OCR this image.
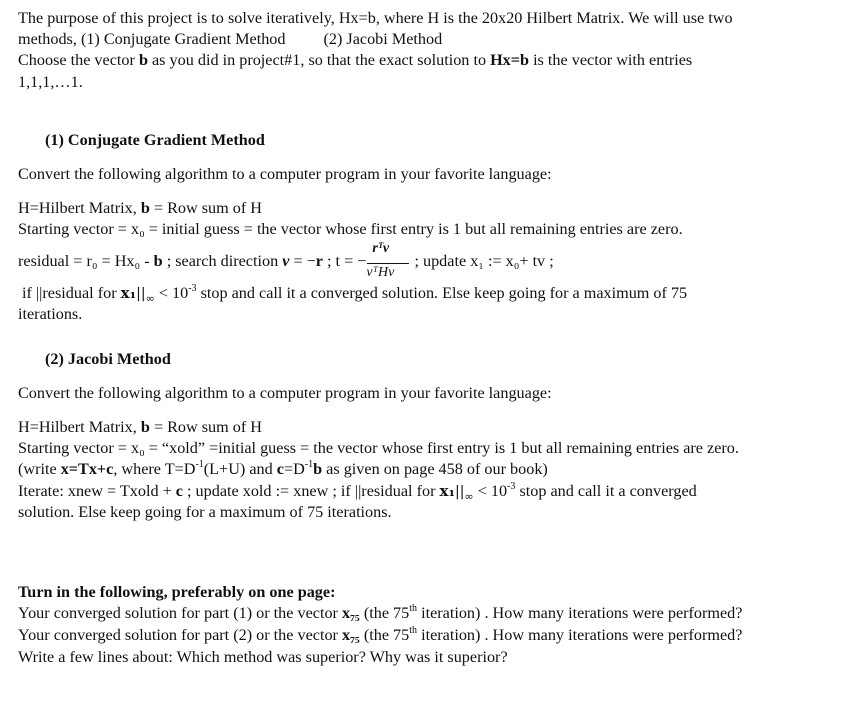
The purpose of this project is to solve iteratively, Hx=b, where H is the 20x20 Hilbert Matrix. We will use two
methods, (1) Conjugate Gradient Method (2) Jacobi Method
Choose the vector b as you did in project#1, so that the exact solution to Hx=b is the vector with entries
1,1,1,…1.
(1) Conjugate Gradient Method
Convert the following algorithm to a computer program in your favorite language:
H=Hilbert Matrix, b = Row sum of H
Starting vector = x₀ = initial guess = the vector whose first entry is 1 but all remaining entries are zero.
residual = r₀ = Hx₀ - b ; search direction v = −r ; t = − $\frac{\text{rᵀv}}{\text{vᵀHv}}$ ; update x₁ := x₀+ tv ;
if ||residual for $x_1||_\infty < 10^{-3}$ stop and call it a converged solution. Else keep going for a maximum of 75
iterations.
(2) Jacobi Method
Convert the following algorithm to a computer program in your favorite language:
H=Hilbert Matrix, b = Row sum of H
Starting vector = x₀ = “xold” =initial guess = the vector whose first entry is 1 but all remaining entries are zero.
(write x=Tx+c, where $T=D^{-1}(L+U)$ and $c=D^{-1}b$ as given on page 458 of our book)
Iterate: xnew = Txold + c ; update xold := xnew ; if ||residual for $x_1||_\infty < 10^{-3}$ stop and call it a converged
solution. Else keep going for a maximum of 75 iterations.
Turn in the following, preferably on one page:
Your converged solution for part (1) or the vector x₇₅ (the 75th iteration) . How many iterations were performed?
Your converged solution for part (2) or the vector x₇₅ (the 75th iteration) . How many iterations were performed?
Write a few lines about: Which method was superior? Why was it superior?
